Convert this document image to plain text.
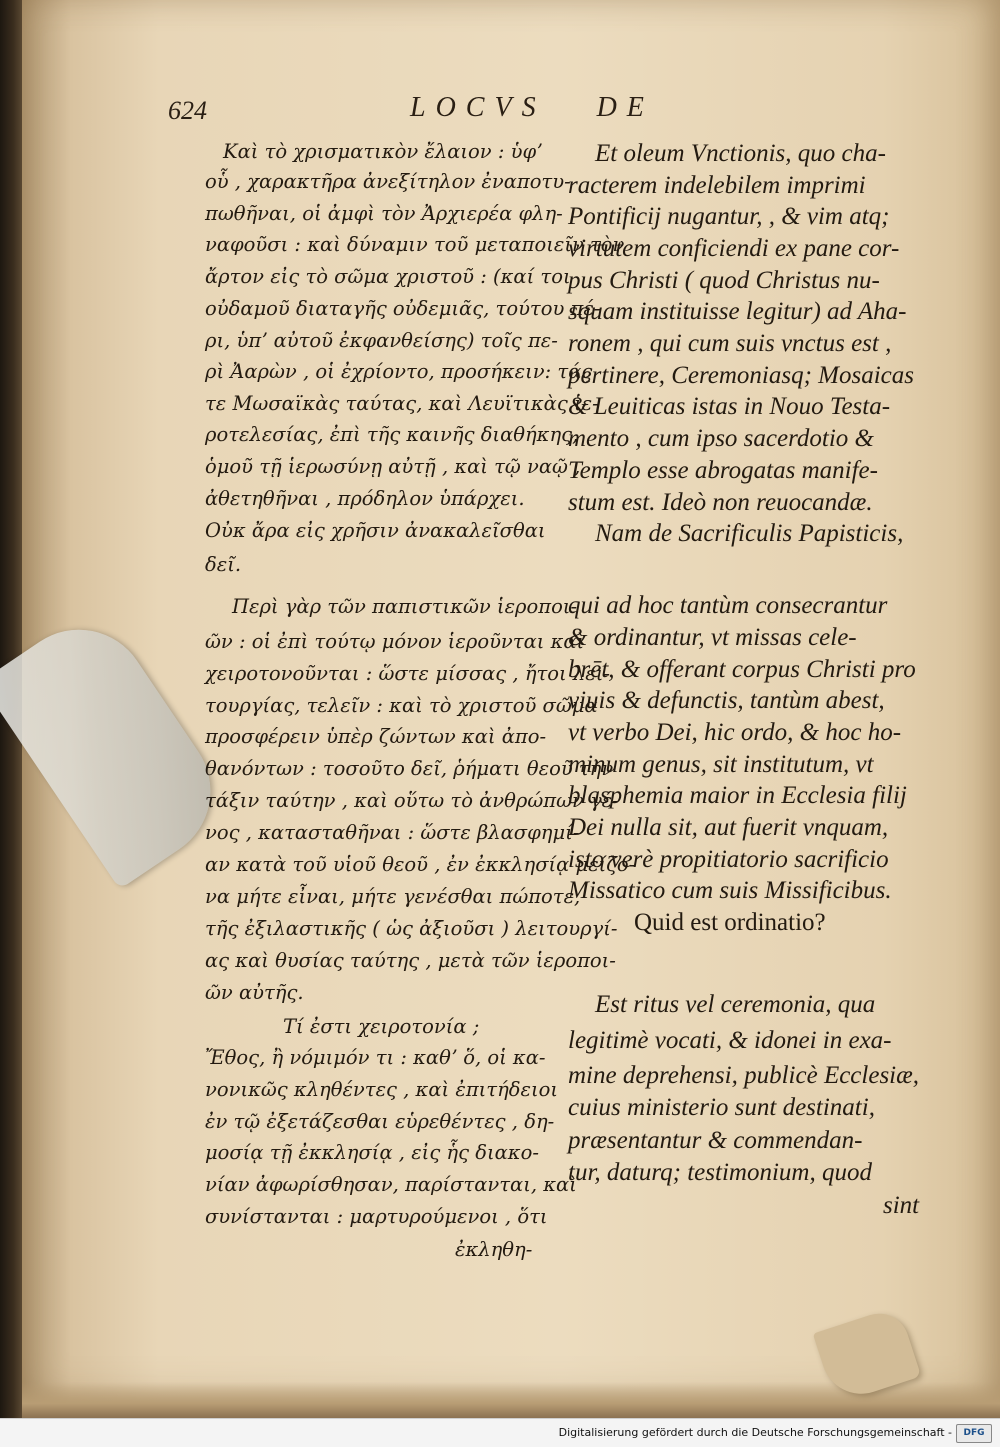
624	LOCVS   DE
Καὶ τὸ χρισματικὸν ἔλαιον : ὑφʼ
οὗ , χαρακτῆρα ἀνεξίτηλον ἐναποτυ-
πωθῆναι, οἱ ἀμφὶ τὸν Ἀρχιερέα φλη-
ναφοῦσι : καὶ δύναμιν τοῦ μεταποιεῖν τὸν
ἄρτον εἰς τὸ σῶμα χριστοῦ : (καί τοι
οὐδαμοῦ διαταγῆς οὐδεμιᾶς, τούτου πέ-
ρι, ὑπʼ αὐτοῦ ἐκφανθείσης) τοῖς πε-
ρὶ Ἀαρὼν , οἱ ἐχρίοντο, προσήκειν: τάς
τε Μωσαϊκὰς ταύτας, καὶ Λευϊτικὰς ἱε-
ροτελεσίας, ἐπὶ τῆς καινῆς διαθήκης,
ὁμοῦ τῇ ἱερωσύνῃ αὐτῇ , καὶ τῷ ναῷ ,
ἀθετηθῆναι , πρόδηλον ὑπάρχει.
Οὐκ ἄρα εἰς χρῆσιν ἀνακαλεῖσθαι
δεῖ.
Περὶ γὰρ τῶν παπιστικῶν ἱεροποι-
ῶν : οἱ ἐπὶ τούτῳ μόνον ἱεροῦνται καὶ
χειροτονοῦνται : ὥστε μίσσας , ἤτοι λει-
τουργίας, τελεῖν : καὶ τὸ χριστοῦ σῶμα
προσφέρειν ὑπὲρ ζώντων καὶ ἀπο-
θανόντων : τοσοῦτο δεῖ, ῥήματι θεοῦ τὴν
τάξιν ταύτην , καὶ οὕτω τὸ ἀνθρώπων γέ-
νος , κατασταθῆναι : ὥστε βλασφημί-
αν κατὰ τοῦ υἱοῦ θεοῦ , ἐν ἐκκλησίᾳ μείζο-
να μήτε εἶναι, μήτε γενέσθαι πώποτε,
τῆς ἐξιλαστικῆς ( ὡς ἀξιοῦσι ) λειτουργί-
ας καὶ θυσίας ταύτης , μετὰ τῶν ἱεροποι-
ῶν αὐτῆς.
Τί ἐστι χειροτονία ;
Ἔθος, ἢ νόμιμόν τι : καθʼ ὅ, οἱ κα-
νονικῶς κληθέντες , καὶ ἐπιτήδειοι
ἐν τῷ ἐξετάζεσθαι εὑρεθέντες , δη-
μοσίᾳ τῇ ἐκκλησίᾳ , εἰς ἧς διακο-
νίαν ἀφωρίσθησαν, παρίστανται, καὶ
συνίστανται : μαρτυρούμενοι , ὅτι
ἐκληθη-
Et oleum Vnctionis, quo cha-
racterem indelebilem imprimi
Pontificij nugantur, , & vim atq;
virtutem conficiendi ex pane cor-
pus Christi ( quod Christus nu-
squam instituisse legitur) ad Aha-
ronem , qui cum suis vnctus est ,
pertinere, Ceremoniasq; Mosaicas
& Leuiticas istas in Nouo Testa-
mento , cum ipso sacerdotio &
Templo esse abrogatas manife-
stum est. Ideò non reuocandæ.
Nam de Sacrificulis Papisticis,
qui ad hoc tantùm consecrantur
& ordinantur, vt missas cele-
brēt, & offerant corpus Christi pro
viuis & defunctis, tantùm abest,
vt verbo Dei, hic ordo, & hoc ho-
minum genus, sit institutum, vt
blasphemia maior in Ecclesia filij
Dei nulla sit, aut fuerit vnquam,
isto verè propitiatorio sacrificio
Missatico cum suis Missificibus.
Quid est ordinatio?
Est ritus vel ceremonia, qua
legitimè vocati, & idonei in exa-
mine deprehensi, publicè Ecclesiæ,
cuius ministerio sunt destinati,
præsentantur & commendan-
tur, daturq; testimonium, quod
sint
Digitalisierung gefördert durch die Deutsche Forschungsgemeinschaft -	DFG
